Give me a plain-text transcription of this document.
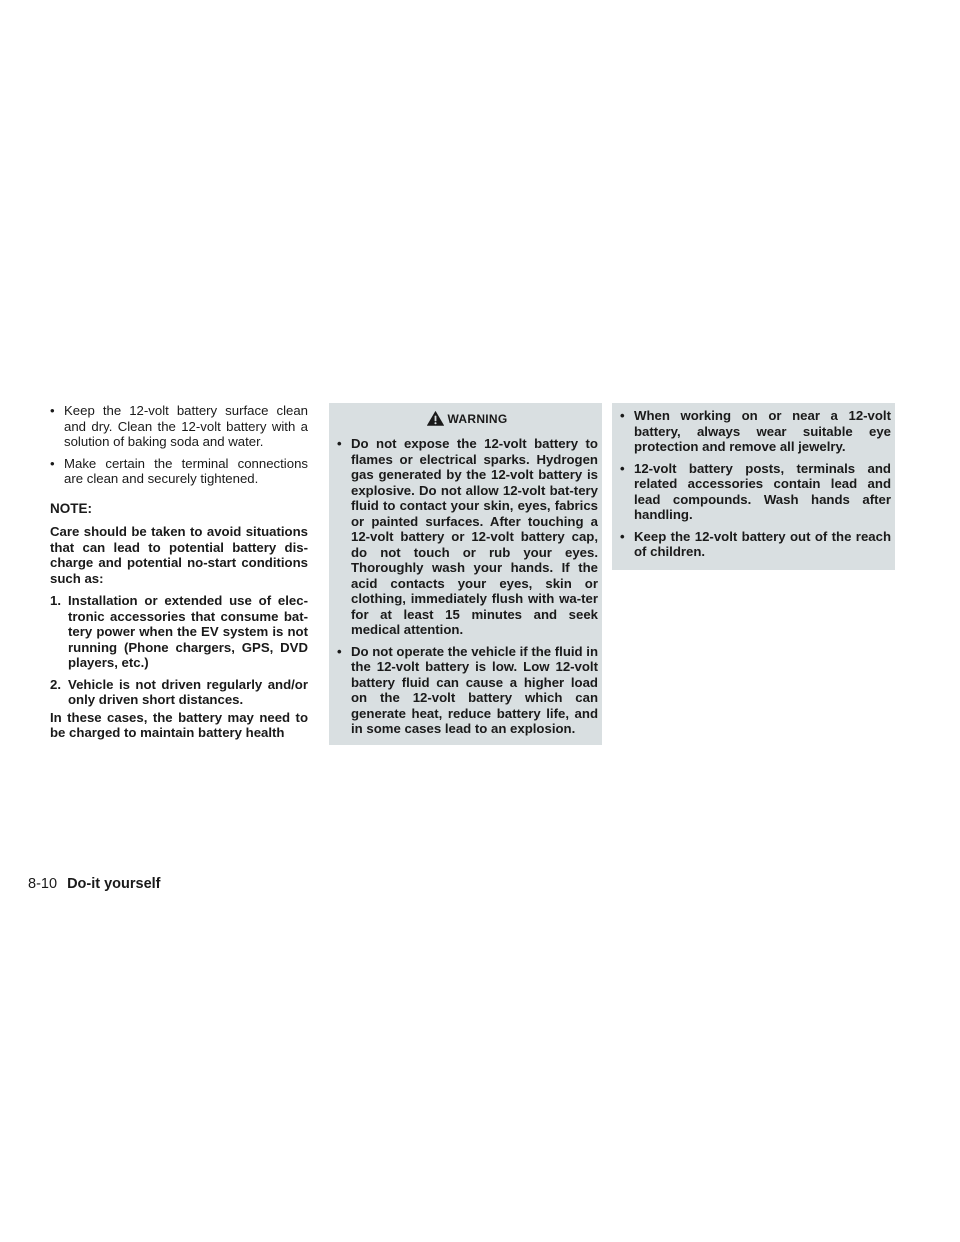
• Keep the 12-volt battery surface clean and dry. Clean the 12-volt battery with a solution of baking soda and water.
• Make certain the terminal connections are clean and securely tightened.
NOTE:
Care should be taken to avoid situations that can lead to potential battery dis-charge and potential no-start conditions such as:
1. Installation or extended use of elec-tronic accessories that consume bat-tery power when the EV system is not running (Phone chargers, GPS, DVD players, etc.)
2. Vehicle is not driven regularly and/or only driven short distances.
In these cases, the battery may need to be charged to maintain battery health
WARNING
• Do not expose the 12-volt battery to flames or electrical sparks. Hydrogen gas generated by the 12-volt battery is explosive. Do not allow 12-volt bat-tery fluid to contact your skin, eyes, fabrics or painted surfaces. After touching a 12-volt battery or 12-volt battery cap, do not touch or rub your eyes. Thoroughly wash your hands. If the acid contacts your eyes, skin or clothing, immediately flush with wa-ter for at least 15 minutes and seek medical attention.
• Do not operate the vehicle if the fluid in the 12-volt battery is low. Low 12-volt battery fluid can cause a higher load on the 12-volt battery which can generate heat, reduce battery life, and in some cases lead to an explosion.
• When working on or near a 12-volt battery, always wear suitable eye protection and remove all jewelry.
• 12-volt battery posts, terminals and related accessories contain lead and lead compounds. Wash hands after handling.
• Keep the 12-volt battery out of the reach of children.
8-10 Do-it yourself
